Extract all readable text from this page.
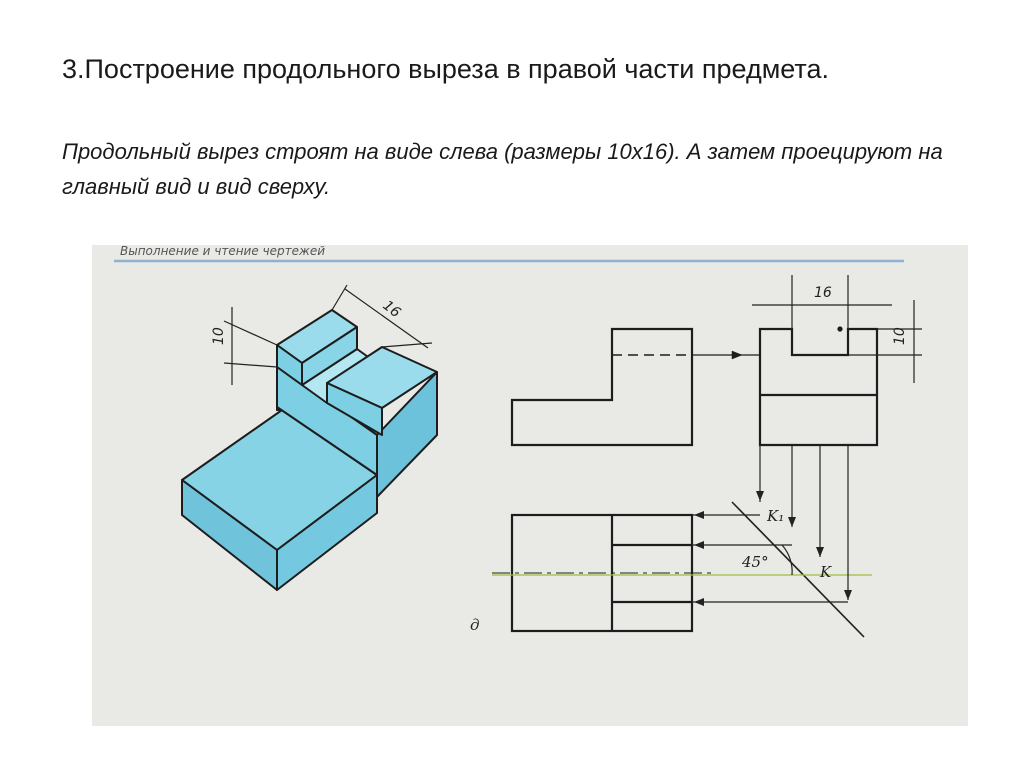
3.Построение продольного выреза в правой части предмета.

Продольный вырез строят на виде слева (размеры 10х16). А затем проецируют на главный вид и вид сверху.

Выполнение и чтение чертежей
16
10
16
10
д
K₁
K
45°
